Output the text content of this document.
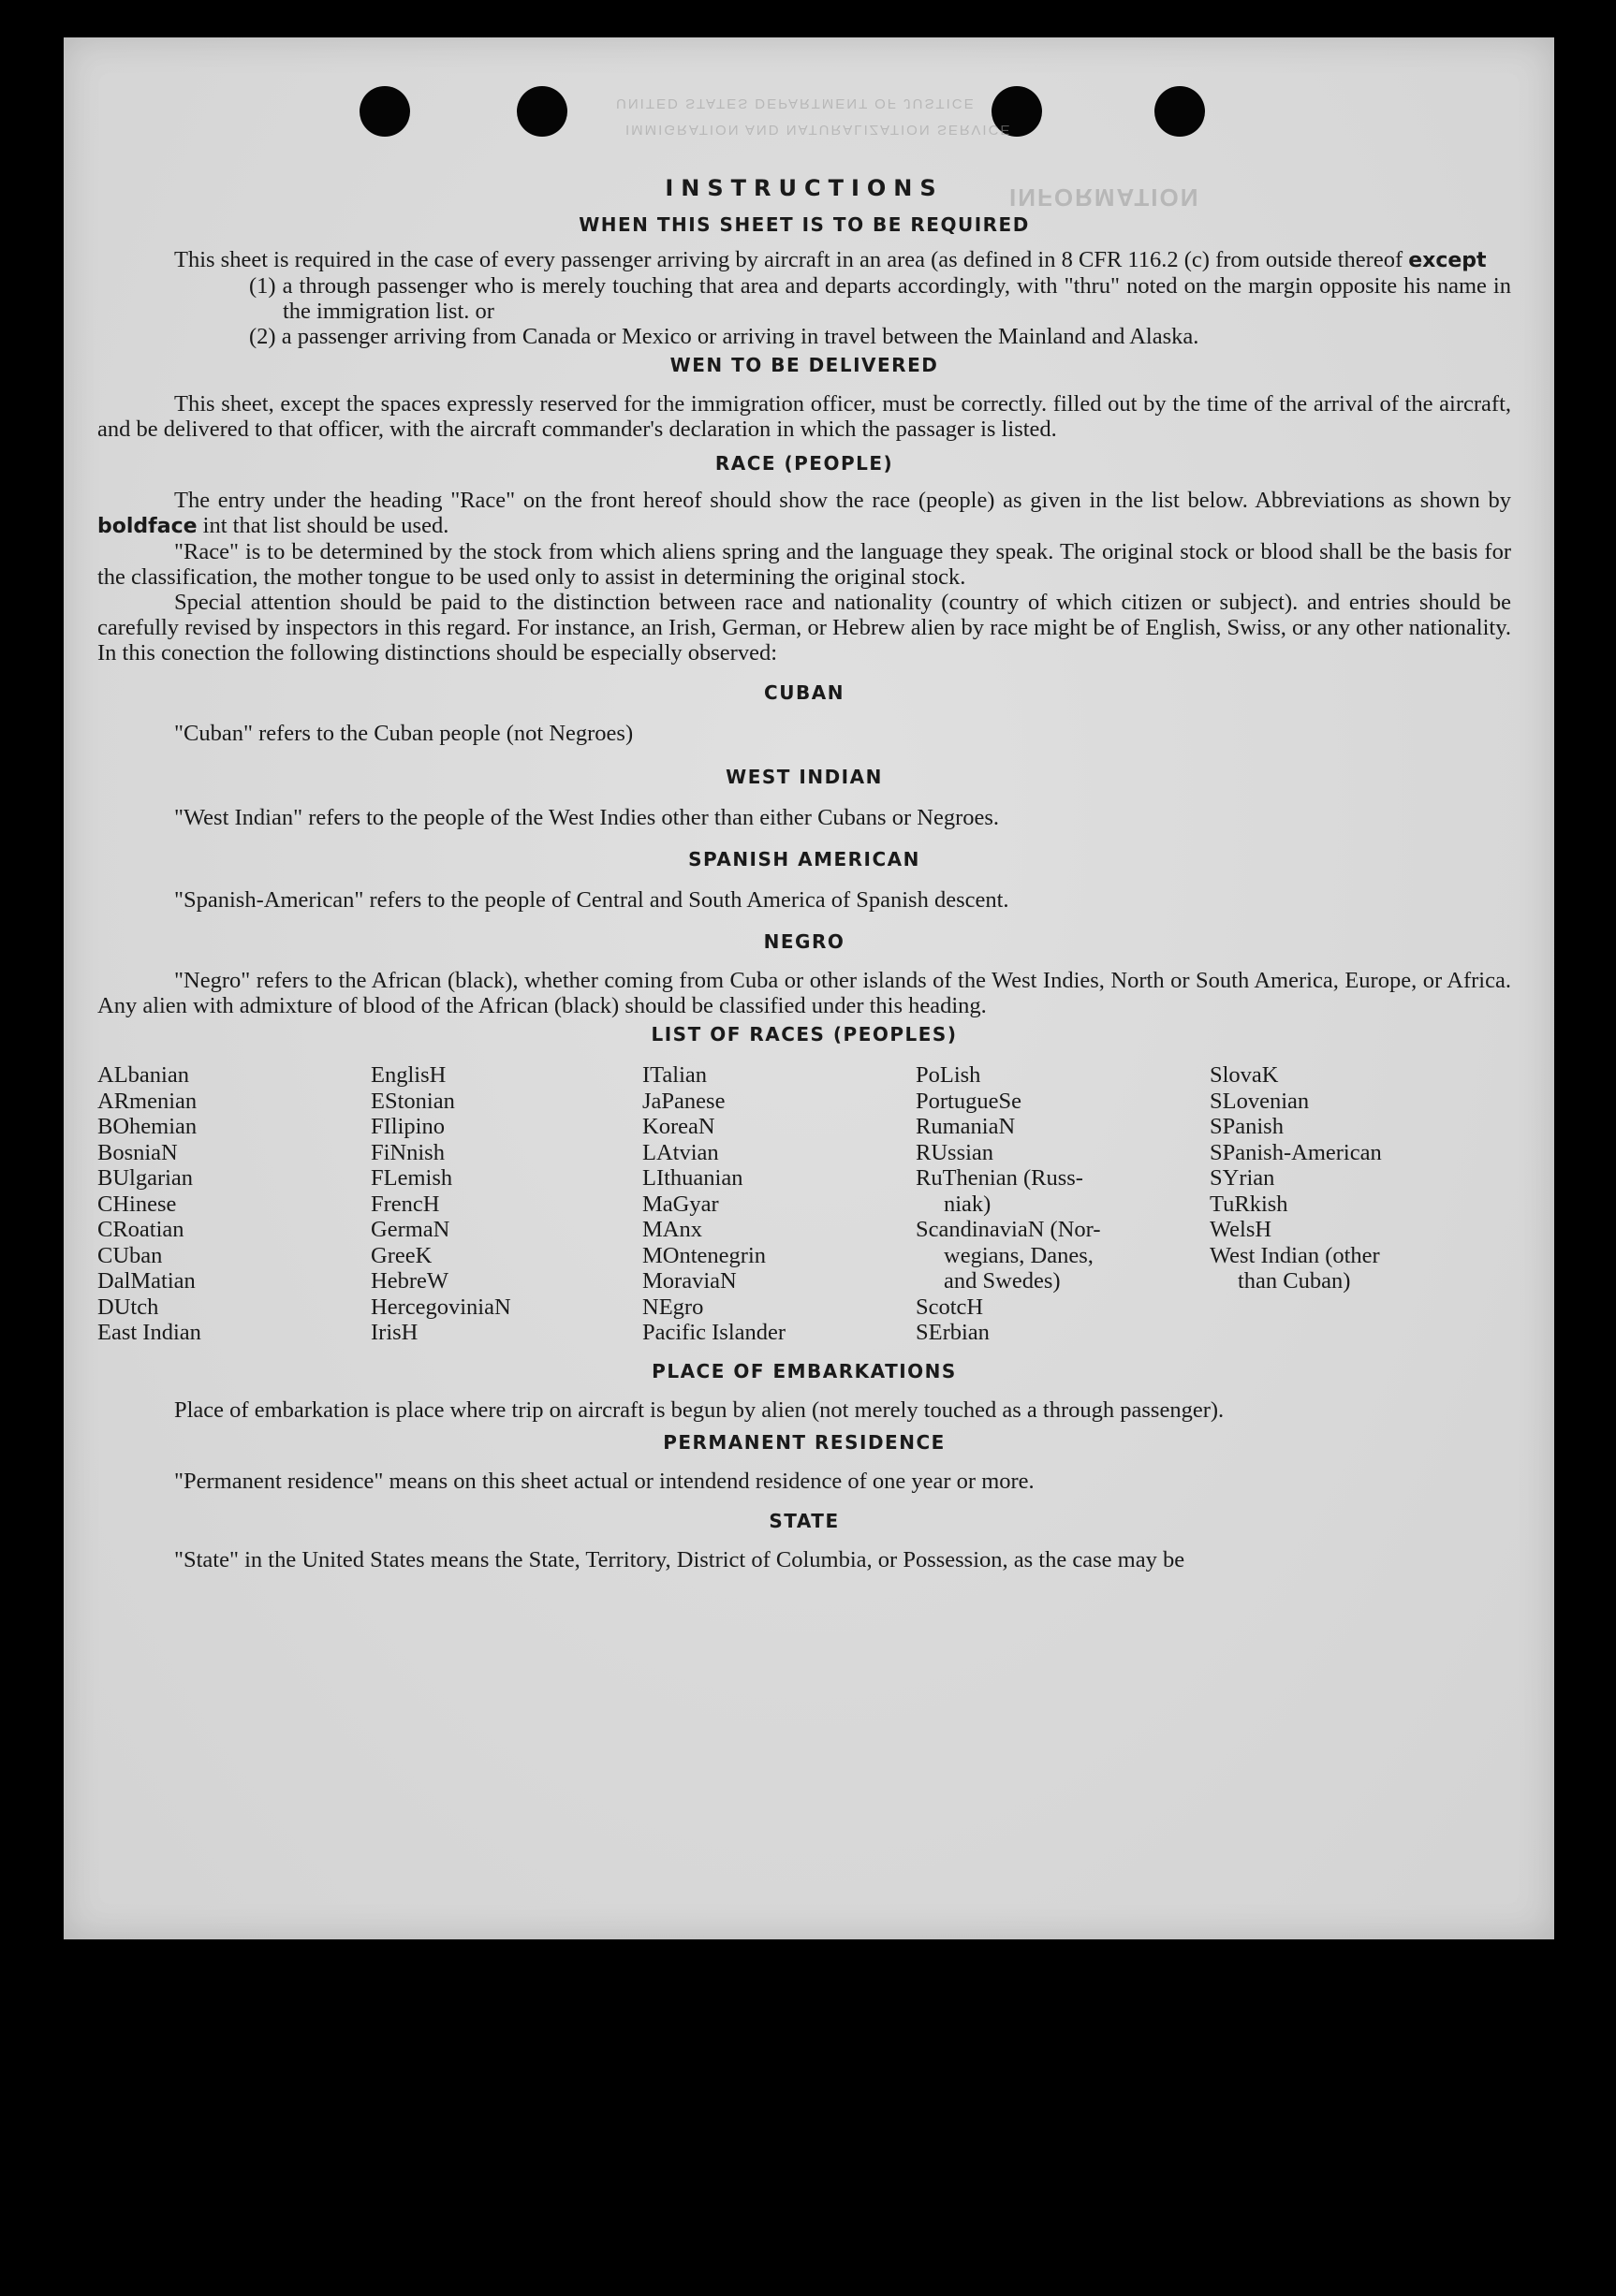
UNITED STATES DEPARTMENT OF JUSTICE
IMMIGRATION AND NATURALIZATION SERVICE
INFORMATION
INSTRUCTIONS
WHEN THIS SHEET IS TO BE REQUIRED

This sheet is required in the case of every passenger arriving by aircraft in an area (as defined in 8 CFR 116.2 (c) from outside thereof except

(1) a through passenger who is merely touching that area and departs accordingly, with "thru" noted on the margin opposite his name in the immigration list. or

(2) a passenger arriving from Canada or Mexico or arriving in travel between the Mainland and Alaska.

WEN TO BE DELIVERED

This sheet, except the spaces expressly reserved for the immigration officer, must be correctly. filled out by the time of the arrival of the aircraft, and be delivered to that officer, with the aircraft commander's declaration in which the passager is listed.

RACE (PEOPLE)

The entry under the heading "Race" on the front hereof should show the race (people) as given in the list below. Abbreviations as shown by boldface int that list should be used.

"Race" is to be determined by the stock from which aliens spring and the language they speak. The original stock or blood shall be the basis for the classification, the mother tongue to be used only to assist in determining the original stock.

Special attention should be paid to the distinction between race and nationality (country of which citizen or subject). and entries should be carefully revised by inspectors in this regard. For instance, an Irish, German, or Hebrew alien by race might be of English, Swiss, or any other nationality. In this conection the following distinctions should be especially observed:

CUBAN

"Cuban" refers to the Cuban people (not Negroes)

WEST INDIAN

"West Indian" refers to the people of the West Indies other than either Cubans or Negroes.

SPANISH AMERICAN

"Spanish-American" refers to the people of Central and South America of Spanish descent.

NEGRO

"Negro" refers to the African (black), whether coming from Cuba or other islands of the West Indies, North or South America, Europe, or Africa. Any alien with admixture of blood of the African (black) should be classified under this heading.

LIST OF RACES (PEOPLES)
ALbanian
ARmenian
BOhemian
BosniaN
BUlgarian
CHinese
CRoatian
CUban
DalMatian
DUtch
East Indian
EnglisH
EStonian
FIlipino
FiNnish
FLemish
FrencH
GermaN
GreeK
HebreW
HercegoviniaN
IrisH
ITalian
JaPanese
KoreaN
LAtvian
LIthuanian
MaGyar
MAnx
MOntenegrin
MoraviaN
NEgro
Pacific Islander
PoLish
PortugueSe
RumaniaN
RUssian
RuThenian (Russ-
niak)
ScandinaviaN (Nor-
wegians, Danes,
and Swedes)
ScotcH
SErbian
SlovaK
SLovenian
SPanish
SPanish-American
SYrian
TuRkish
WelsH
West Indian (other
than Cuban)
PLACE OF EMBARKATIONS

Place of embarkation is place where trip on aircraft is begun by alien (not merely touched as a through passenger).

PERMANENT RESIDENCE

"Permanent residence" means on this sheet actual or intendend residence of one year or more.

STATE

"State" in the United States means the State, Territory, District of Columbia, or Possession, as the case may be
